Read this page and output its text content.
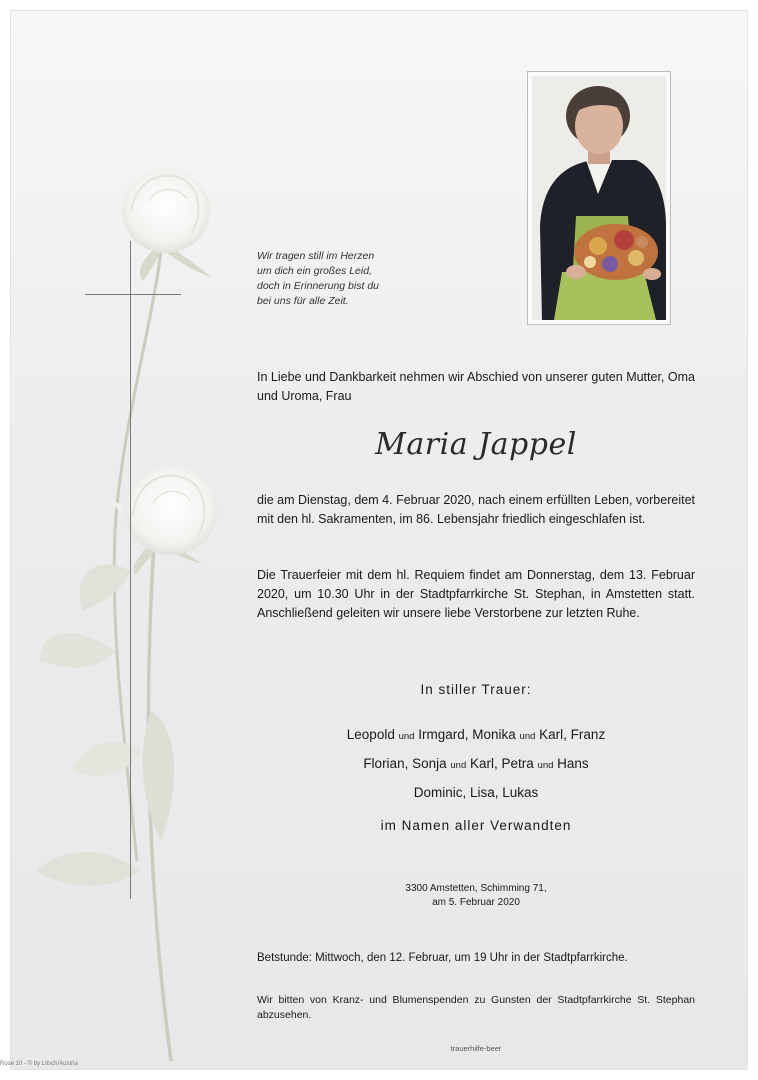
Wir tragen still im Herzen
um dich ein großes Leid,
doch in Erinnerung bist du
bei uns für alle Zeit.
In Liebe und Dankbarkeit nehmen wir Abschied von unserer guten Mutter, Oma und Uroma, Frau
Maria Jappel
die am Dienstag, dem 4. Februar 2020, nach einem erfüllten Leben, vorbereitet mit den hl. Sakramenten, im 86. Lebensjahr friedlich eingeschlafen ist.
Die Trauerfeier mit dem hl. Requiem findet am Donnerstag, dem 13. Februar 2020, um 10.30 Uhr in der Stadtpfarrkirche St. Stephan, in Amstetten statt. Anschließend geleiten wir unsere liebe Verstorbene zur letzten Ruhe.
In stiller Trauer:
Leopold und Irmgard, Monika und Karl, Franz
Florian, Sonja und Karl, Petra und Hans
Dominic, Lisa, Lukas
im Namen aller Verwandten
3300 Amstetten, Schimming 71,
am 5. Februar 2020
Betstunde: Mittwoch, den 12. Februar, um 19 Uhr in der Stadtpfarrkirche.
Wir bitten von Kranz- und Blumenspenden zu Gunsten der Stadtpfarrkirche St. Stephan abzusehen.
trauerhilfe-beer
Rose 10 - © by Litsch/Austria
